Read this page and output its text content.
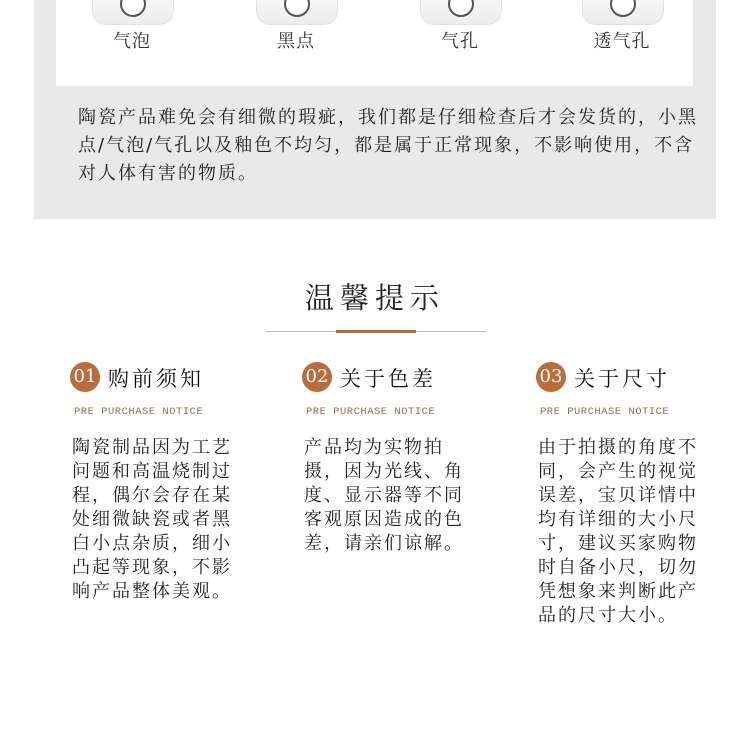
气泡	黑点	气孔	透气孔
陶瓷产品难免会有细微的瑕疵，我们都是仔细检查后才会发货的，小黑点/气泡/气孔以及釉色不均匀，都是属于正常现象，不影响使用，不含对人体有害的物质。
温馨提示
01 购前须知
PRE PURCHASE NOTICE
陶瓷制品因为工艺问题和高温烧制过程，偶尔会存在某处细微缺瓷或者黑白小点杂质，细小凸起等现象，不影响产品整体美观。
02 关于色差
PRE PURCHASE NOTICE
产品均为实物拍摄，因为光线、角度、显示器等不同客观原因造成的色差，请亲们谅解。
03 关于尺寸
PRE PURCHASE NOTICE
由于拍摄的角度不同，会产生的视觉误差，宝贝详情中均有详细的大小尺寸，建议买家购物时自备小尺，切勿凭想象来判断此产品的尺寸大小。
